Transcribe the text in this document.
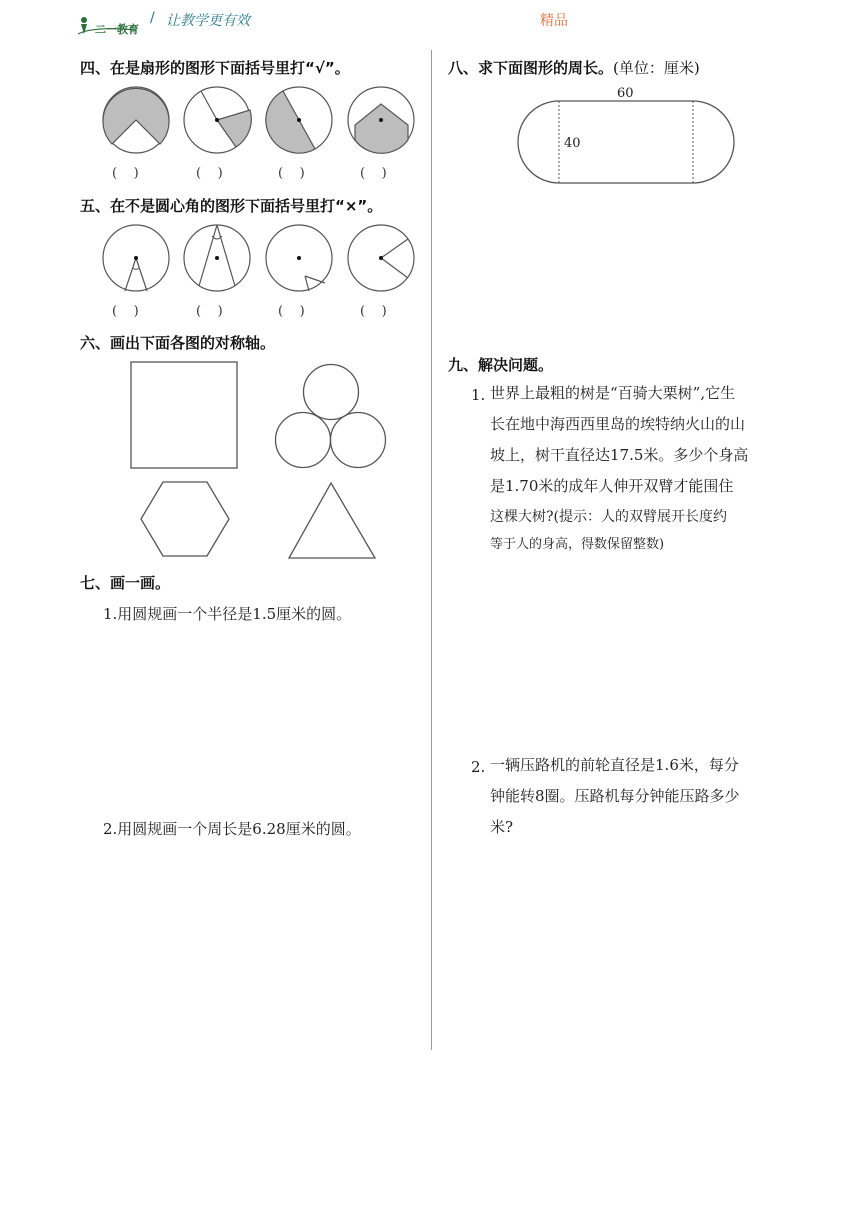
二一教育
/ 让教学更有效	精品
四、在是扇形的图形下面括号里打“√”。
(    )	(    )	(    )	(    )
五、在不是圆心角的图形下面括号里打“×”。
(    )	(    )	(    )	(    )
六、画出下面各图的对称轴。
七、画一画。
1.用圆规画一个半径是1.5厘米的圆。
2.用圆规画一个周长是6.28厘米的圆。
八、求下面图形的周长。(单位：厘米)
60
40
九、解决问题。
1. 世界上最粗的树是“百骑大栗树”,它生
长在地中海西西里岛的埃特纳火山的山
坡上，树干直径达17.5米。多少个身高
是1.70米的成年人伸开双臂才能围住
这棵大树?(提示：人的双臂展开长度约
等于人的身高，得数保留整数)
2. 一辆压路机的前轮直径是1.6米，每分
钟能转8圈。压路机每分钟能压路多少
米?
